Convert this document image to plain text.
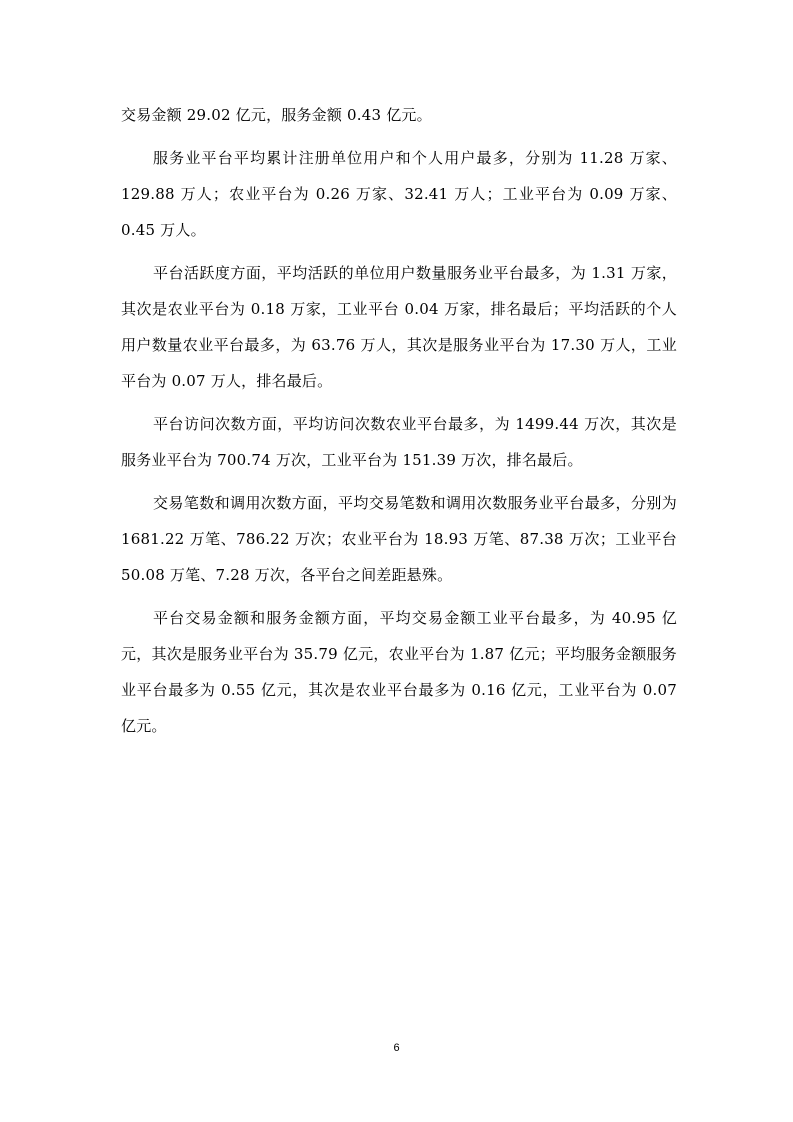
交易金额 29.02 亿元，服务金额 0.43 亿元。

服务业平台平均累计注册单位用户和个人用户最多，分别为 11.28 万家、129.88 万人；农业平台为 0.26 万家、32.41 万人；工业平台为 0.09 万家、0.45 万人。

平台活跃度方面，平均活跃的单位用户数量服务业平台最多，为 1.31 万家，其次是农业平台为 0.18 万家，工业平台 0.04 万家，排名最后；平均活跃的个人用户数量农业平台最多，为 63.76 万人，其次是服务业平台为 17.30 万人，工业平台为 0.07 万人，排名最后。

平台访问次数方面，平均访问次数农业平台最多，为 1499.44 万次，其次是服务业平台为 700.74 万次，工业平台为 151.39 万次，排名最后。

交易笔数和调用次数方面，平均交易笔数和调用次数服务业平台最多，分别为 1681.22 万笔、786.22 万次；农业平台为 18.93 万笔、87.38 万次；工业平台 50.08 万笔、7.28 万次，各平台之间差距悬殊。

平台交易金额和服务金额方面，平均交易金额工业平台最多，为 40.95 亿元，其次是服务业平台为 35.79 亿元，农业平台为 1.87 亿元；平均服务金额服务业平台最多为 0.55 亿元，其次是农业平台最多为 0.16 亿元，工业平台为 0.07 亿元。

6
